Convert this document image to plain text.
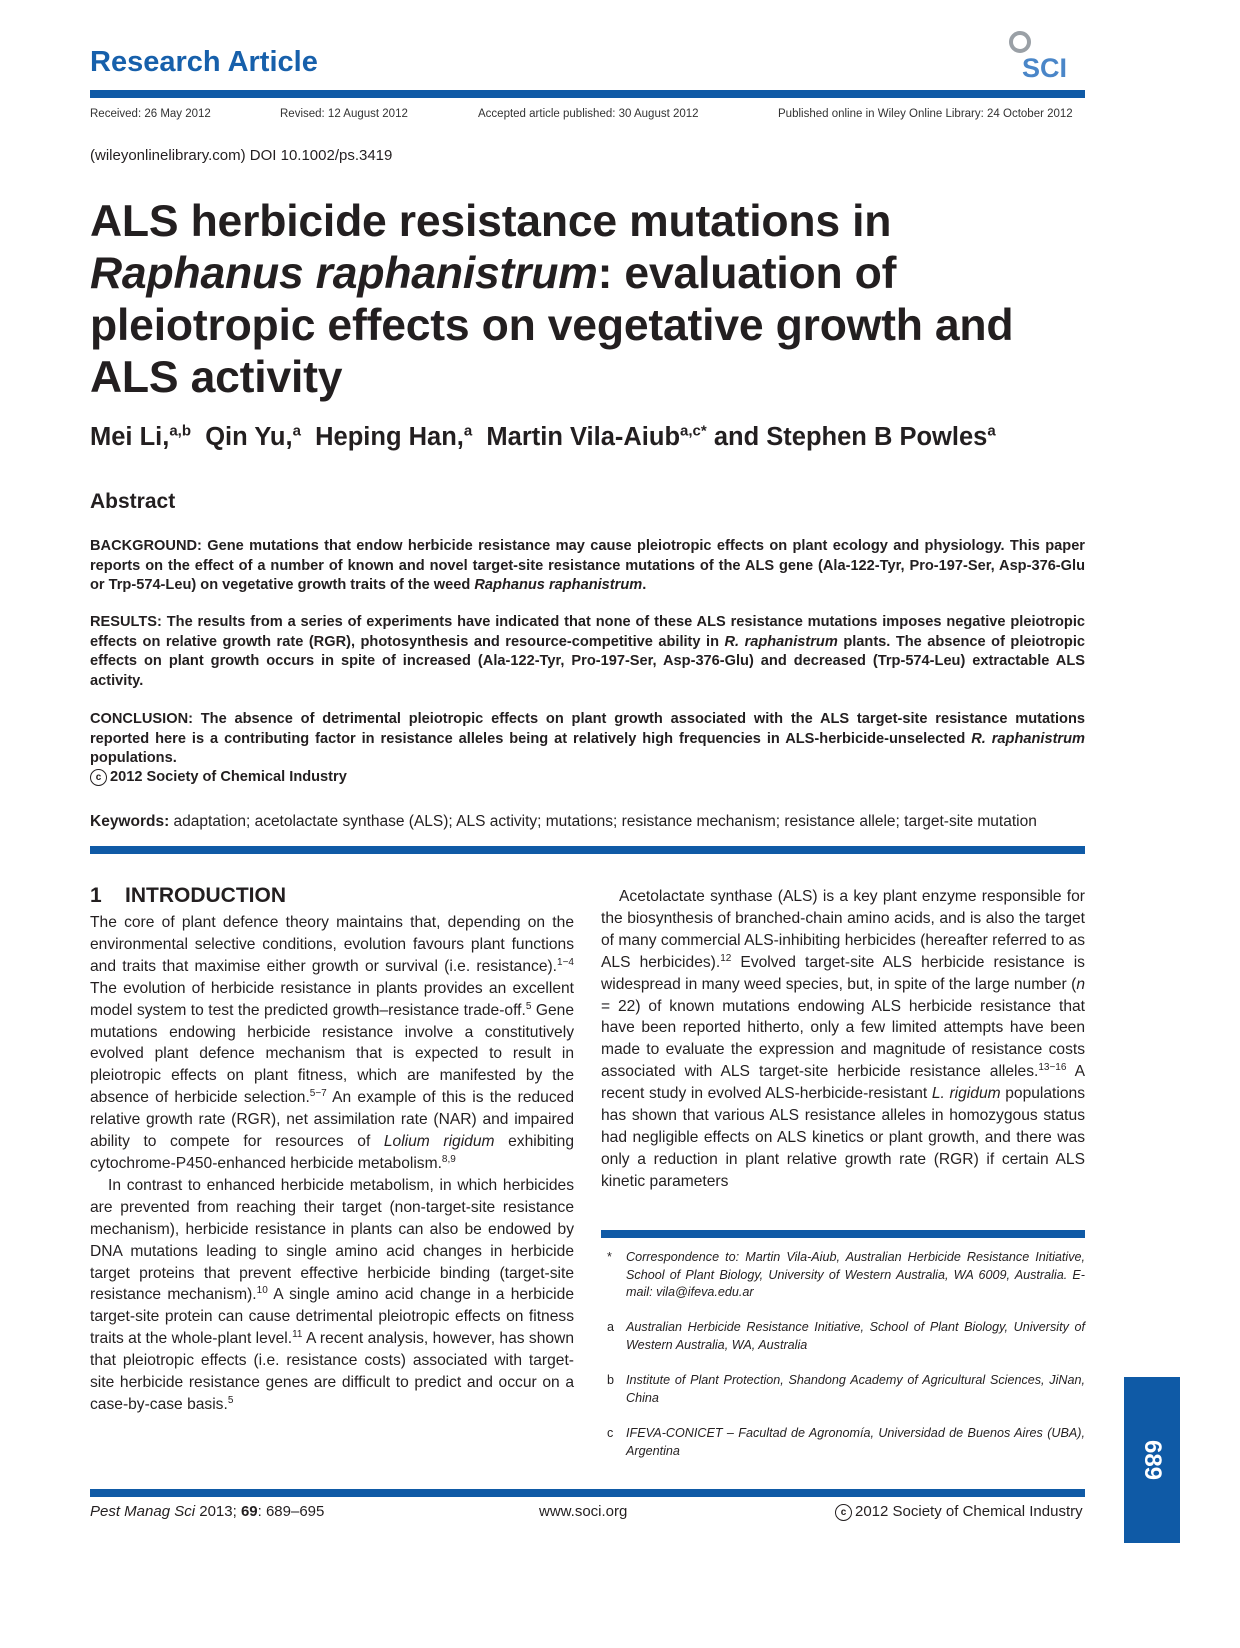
Research Article	SCI
Received: 26 May 2012	Revised: 12 August 2012	Accepted article published: 30 August 2012	Published online in Wiley Online Library: 24 October 2012
(wileyonlinelibrary.com) DOI 10.1002/ps.3419
ALS herbicide resistance mutations in
Raphanus raphanistrum: evaluation of
pleiotropic effects on vegetative growth and
ALS activity
Mei Li,$^{a,b}$ Qin Yu,$^a$ Heping Han,$^a$ Martin Vila-Aiub$^{a,c*}$ and Stephen B Powles$^a$
Abstract
BACKGROUND: Gene mutations that endow herbicide resistance may cause pleiotropic effects on plant ecology and physiology. This paper reports on the effect of a number of known and novel target-site resistance mutations of the ALS gene (Ala-122-Tyr, Pro-197-Ser, Asp-376-Glu or Trp-574-Leu) on vegetative growth traits of the weed Raphanus raphanistrum.
RESULTS: The results from a series of experiments have indicated that none of these ALS resistance mutations imposes negative pleiotropic effects on relative growth rate (RGR), photosynthesis and resource-competitive ability in R. raphanistrum plants. The absence of pleiotropic effects on plant growth occurs in spite of increased (Ala-122-Tyr, Pro-197-Ser, Asp-376-Glu) and decreased (Trp-574-Leu) extractable ALS activity.
CONCLUSION: The absence of detrimental pleiotropic effects on plant growth associated with the ALS target-site resistance mutations reported here is a contributing factor in resistance alleles being at relatively high frequencies in ALS-herbicide-unselected R. raphanistrum populations.
c 2012 Society of Chemical Industry
Keywords: adaptation; acetolactate synthase (ALS); ALS activity; mutations; resistance mechanism; resistance allele; target-site mutation
1    INTRODUCTION

The core of plant defence theory maintains that, depending on the environmental selective conditions, evolution favours plant functions and traits that maximise either growth or survival (i.e. resistance).$^{1-4}$ The evolution of herbicide resistance in plants provides an excellent model system to test the predicted growth–resistance trade-off.$^5$ Gene mutations endowing herbicide resistance involve a constitutively evolved plant defence mechanism that is expected to result in pleiotropic effects on plant fitness, which are manifested by the absence of herbicide selection.$^{5-7}$ An example of this is the reduced relative growth rate (RGR), net assimilation rate (NAR) and impaired ability to compete for resources of Lolium rigidum exhibiting cytochrome-P450-enhanced herbicide metabolism.$^{8,9}$

In contrast to enhanced herbicide metabolism, in which herbicides are prevented from reaching their target (non-target-site resistance mechanism), herbicide resistance in plants can also be endowed by DNA mutations leading to single amino acid changes in herbicide target proteins that prevent effective herbicide binding (target-site resistance mechanism).$^{10}$ A single amino acid change in a herbicide target-site protein can cause detrimental pleiotropic effects on fitness traits at the whole-plant level.$^{11}$ A recent analysis, however, has shown that pleiotropic effects (i.e. resistance costs) associated with target-site herbicide resistance genes are difficult to predict and occur on a case-by-case basis.$^5$

Acetolactate synthase (ALS) is a key plant enzyme responsible for the biosynthesis of branched-chain amino acids, and is also the target of many commercial ALS-inhibiting herbicides (hereafter referred to as ALS herbicides).$^{12}$ Evolved target-site ALS herbicide resistance is widespread in many weed species, but, in spite of the large number (n = 22) of known mutations endowing ALS herbicide resistance that have been reported hitherto, only a few limited attempts have been made to evaluate the expression and magnitude of resistance costs associated with ALS target-site herbicide resistance alleles.$^{13-16}$ A recent study in evolved ALS-herbicide-resistant L. rigidum populations has shown that various ALS resistance alleles in homozygous status had negligible effects on ALS kinetics or plant growth, and there was only a reduction in plant relative growth rate (RGR) if certain ALS kinetic parameters

* Correspondence to: Martin Vila-Aiub, Australian Herbicide Resistance Initiative, School of Plant Biology, University of Western Australia, WA 6009, Australia. E-mail: vila@ifeva.edu.ar
a Australian Herbicide Resistance Initiative, School of Plant Biology, University of Western Australia, WA, Australia
b Institute of Plant Protection, Shandong Academy of Agricultural Sciences, JiNan, China
c IFEVA-CONICET – Facultad de Agronomía, Universidad de Buenos Aires (UBA), Argentina	689
Pest Manag Sci 2013; 69: 689–695	www.soci.org	c 2012 Society of Chemical Industry
